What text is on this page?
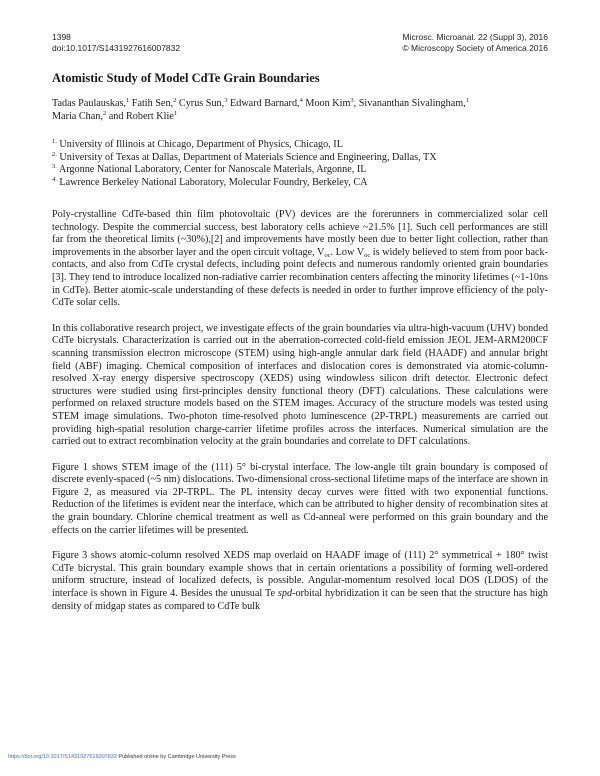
1398
doi:10.1017/S1431927616007832
Microsc. Microanal. 22 (Suppl 3), 2016
© Microscopy Society of America 2016
Atomistic Study of Model CdTe Grain Boundaries
Tadas Paulauskas,$^1$ Fatih Sen,$^2$ Cyrus Sun,$^3$ Edward Barnard,$^4$ Moon Kim$^3$, Sivananthan Sivalingham,$^1$
Maria Chan,$^2$ and Robert Klie$^1$
$^{1.}$ University of Illinois at Chicago, Department of Physics, Chicago, IL
$^{2.}$ University of Texas at Dallas, Department of Materials Science and Engineering, Dallas, TX
$^{3.}$ Argonne National Laboratory, Center for Nanoscale Materials, Argonne, IL
$^{4.}$ Lawrence Berkeley National Laboratory, Molecular Foundry, Berkeley, CA

Poly-crystalline CdTe-based thin film photovoltaic (PV) devices are the forerunners in commercialized solar cell technology. Despite the commercial success, best laboratory cells achieve ~21.5% [1]. Such cell performances are still far from the theoretical limits (~30%),[2] and improvements have mostly been due to better light collection, rather than improvements in the absorber layer and the open circuit voltage, $V_{oc}$. Low $V_{oc}$ is widely believed to stem from poor back-contacts, and also from CdTe crystal defects, including point defects and numerous randomly oriented grain boundaries [3]. They tend to introduce localized non-radiative carrier recombination centers affecting the minority lifetimes (~1-10ns in CdTe). Better atomic-scale understanding of these defects is needed in order to further improve efficiency of the poly-CdTe solar cells.

In this collaborative research project, we investigate effects of the grain boundaries via ultra-high-vacuum (UHV) bonded CdTe bicrystals. Characterization is carried out in the aberration-corrected cold-field emission JEOL JEM-ARM200CF scanning transmission electron microscope (STEM) using high-angle annular dark field (HAADF) and annular bright field (ABF) imaging. Chemical composition of interfaces and dislocation cores is demonstrated via atomic-column-resolved X-ray energy dispersive spectroscopy (XEDS) using windowless silicon drift detector. Electronic defect structures were studied using first-principles density functional theory (DFT) calculations. These calculations were performed on relaxed structure models based on the STEM images. Accuracy of the structure models was tested using STEM image simulations. Two-photon time-resolved photo luminescence (2P-TRPL) measurements are carried out providing high-spatial resolution charge-carrier lifetime profiles across the interfaces. Numerical simulation are the carried out to extract recombination velocity at the grain boundaries and correlate to DFT calculations.

Figure 1 shows STEM image of the (111) 5° bi-crystal interface. The low-angle tilt grain boundary is composed of discrete evenly-spaced (~5 nm) dislocations. Two-dimensional cross-sectional lifetime maps of the interface are shown in Figure 2, as measured via 2P-TRPL. The PL intensity decay curves were fitted with two exponential functions. Reduction of the lifetimes is evident near the interface, which can be attributed to higher density of recombination sites at the grain boundary. Chlorine chemical treatment as well as Cd-anneal were performed on this grain boundary and the effects on the carrier lifetimes will be presented.

Figure 3 shows atomic-column resolved XEDS map overlaid on HAADF image of (111) 2° symmetrical + 180° twist CdTe bicrystal. This grain boundary example shows that in certain orientations a possibility of forming well-ordered uniform structure, instead of localized defects, is possible. Angular-momentum resolved local DOS (LDOS) of the interface is shown in Figure 4. Besides the unusual Te spd-orbital hybridization it can be seen that the structure has high density of midgap states as compared to CdTe bulk

https://doi.org/10.1017/S1431927616007832 Published online by Cambridge University Press
